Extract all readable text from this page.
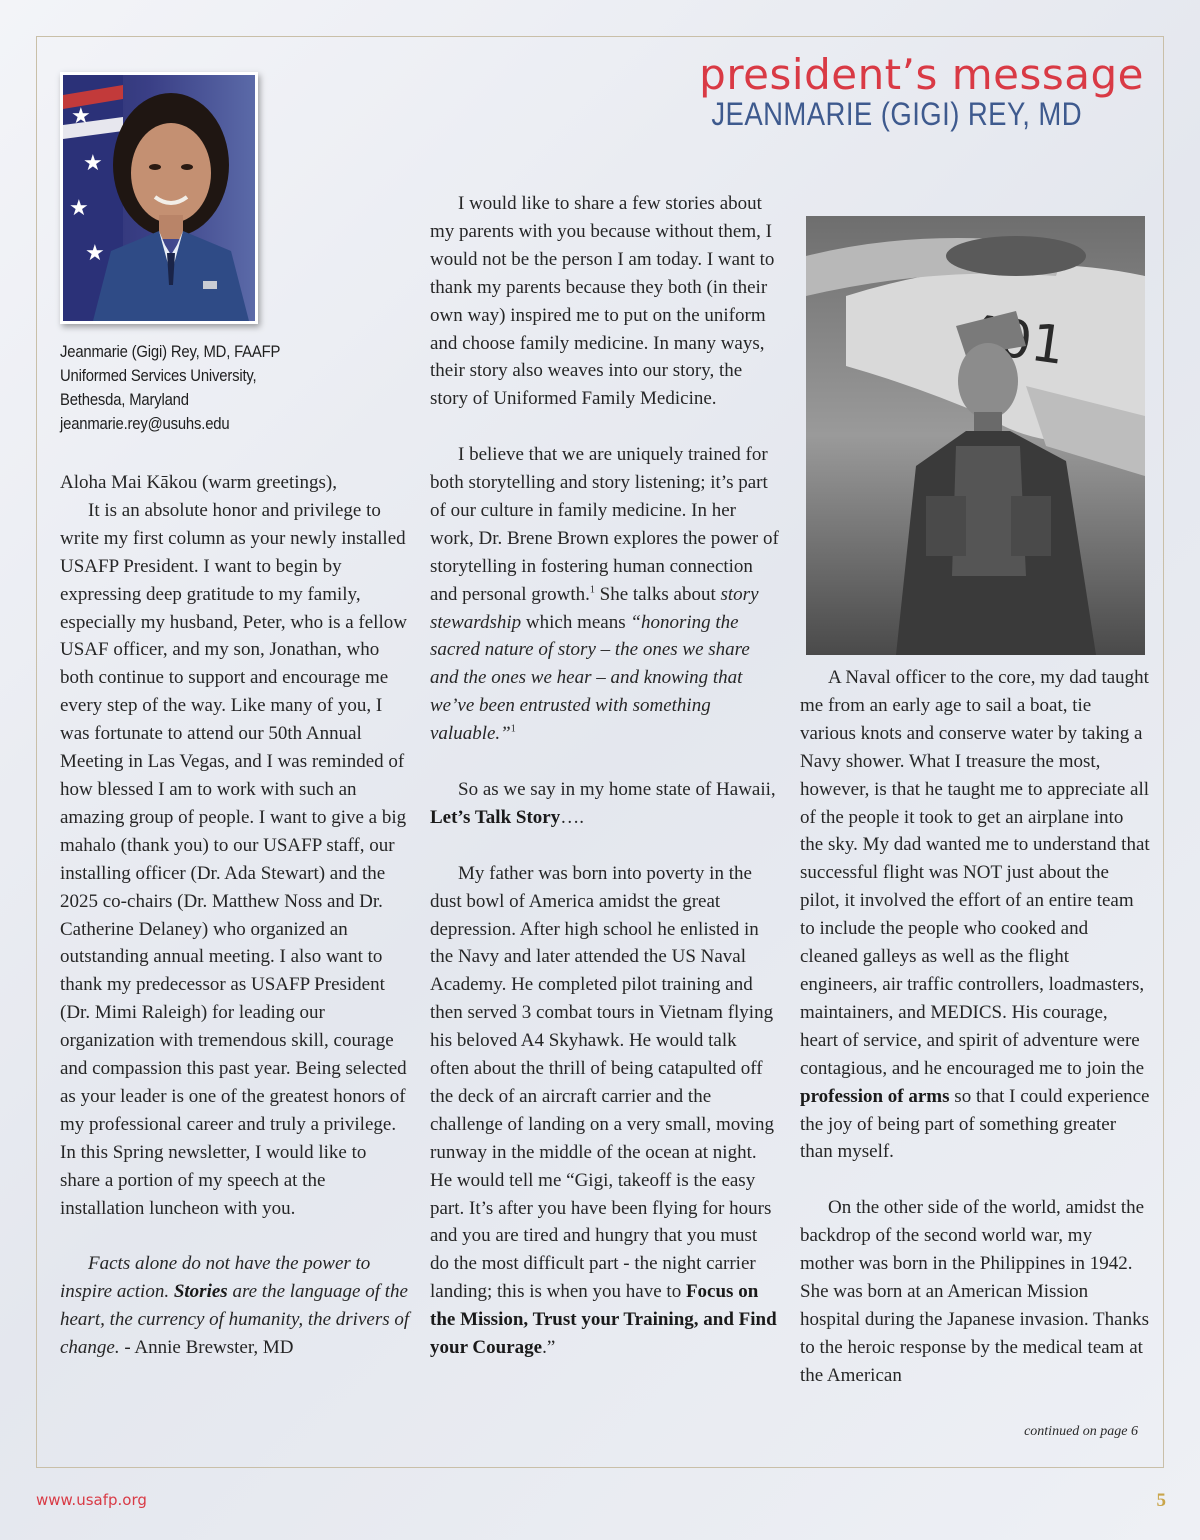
president’s message
JEANMARIE (GIGI) REY, MD
★
★
★
★
Jeanmarie (Gigi) Rey, MD, FAAFP
Uniformed Services University,
Bethesda, Maryland
jeanmarie.rey@usuhs.edu

Aloha Mai Kākou (warm greetings),

It is an absolute honor and privilege to write my first column as your newly installed USAFP President. I want to begin by expressing deep gratitude to my family, especially my husband, Peter, who is a fellow USAF officer, and my son, Jonathan, who both continue to support and encourage me every step of the way. Like many of you, I was fortunate to attend our 50th Annual Meeting in Las Vegas, and I was reminded of how blessed I am to work with such an amazing group of people. I want to give a big mahalo (thank you) to our USAFP staff, our installing officer (Dr. Ada Stewart) and the 2025 co-chairs (Dr. Matthew Noss and Dr. Catherine Delaney) who organized an outstanding annual meeting. I also want to thank my predecessor as USAFP President (Dr. Mimi Raleigh) for leading our organization with tremendous skill, courage and compassion this past year. Being selected as your leader is one of the greatest honors of my professional career and truly a privilege. In this Spring newsletter, I would like to share a portion of my speech at the installation luncheon with you.

Facts alone do not have the power to inspire action. Stories are the language of the heart, the currency of humanity, the drivers of change. - Annie Brewster, MD

I would like to share a few stories about my parents with you because without them, I would not be the person I am today. I want to thank my parents because they both (in their own way) inspired me to put on the uniform and choose family medicine. In many ways, their story also weaves into our story, the story of Uniformed Family Medicine.

I believe that we are uniquely trained for both storytelling and story listening; it’s part of our culture in family medicine. In her work, Dr. Brene Brown explores the power of storytelling in fostering human connection and personal growth.$^1$ She talks about story stewardship which means “honoring the sacred nature of story – the ones we share and the ones we hear – and knowing that we’ve been entrusted with something valuable.”$^1$

So as we say in my home state of Hawaii, Let’s Talk Story….

My father was born into poverty in the dust bowl of America amidst the great depression. After high school he enlisted in the Navy and later attended the US Naval Academy. He completed pilot training and then served 3 combat tours in Vietnam flying his beloved A4 Skyhawk. He would talk often about the thrill of being catapulted off the deck of an aircraft carrier and the challenge of landing on a very small, moving runway in the middle of the ocean at night. He would tell me “Gigi, takeoff is the easy part. It’s after you have been flying for hours and you are tired and hungry that you must do the most difficult part - the night carrier landing; this is when you have to Focus on the Mission, Trust your Training, and Find your Courage.”

A Naval officer to the core, my dad taught me from an early age to sail a boat, tie various knots and conserve water by taking a Navy shower. What I treasure the most, however, is that he taught me to appreciate all of the people it took to get an airplane into the sky. My dad wanted me to understand that successful flight was NOT just about the pilot, it involved the effort of an entire team to include the people who cooked and cleaned galleys as well as the flight engineers, air traffic controllers, loadmasters, maintainers, and MEDICS. His courage, heart of service, and spirit of adventure were contagious, and he encouraged me to join the profession of arms so that I could experience the joy of being part of something greater than myself.

On the other side of the world, amidst the backdrop of the second world war, my mother was born in the Philippines in 1942. She was born at an American Mission hospital during the Japanese invasion. Thanks to the heroic response by the medical team at the American

continued on page 6
www.usafp.org	5
